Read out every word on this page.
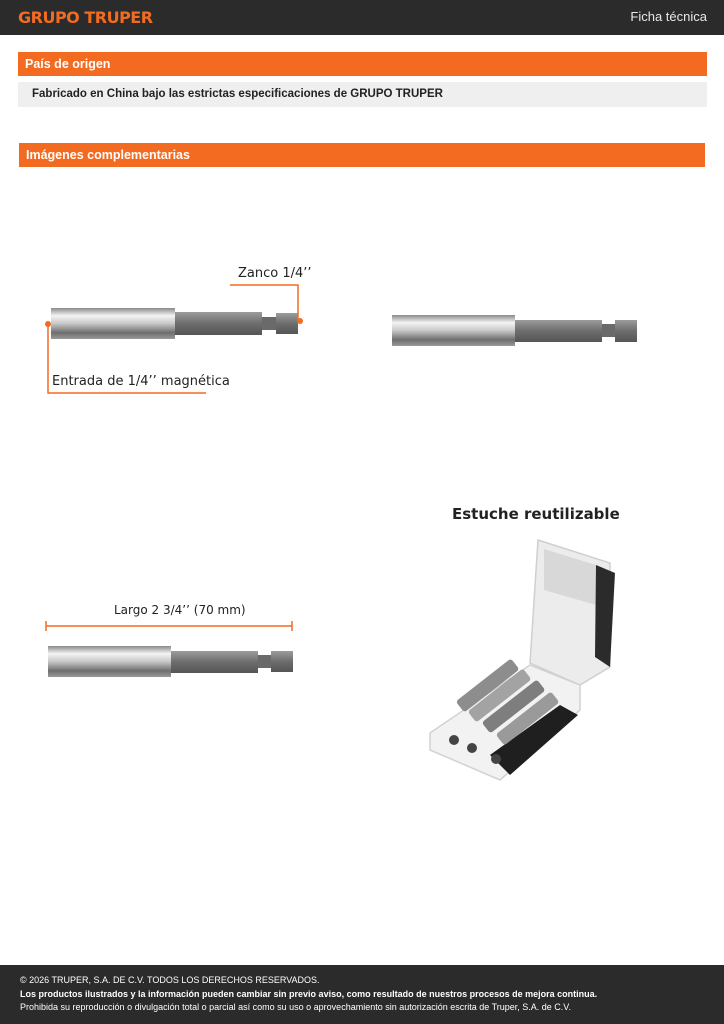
GRUPO TRUPER	Ficha técnica
País de origen
Fabricado en China bajo las estrictas especificaciones de GRUPO TRUPER
Imágenes complementarias
Zanco 1/4’’
Entrada de 1/4’’ magnética
Largo 2 3/4’’ (70 mm)
Estuche reutilizable
© 2026 TRUPER, S.A. DE C.V. TODOS LOS DERECHOS RESERVADOS.
Los productos ilustrados y la información pueden cambiar sin previo aviso, como resultado de nuestros procesos de mejora continua.
Prohibida su reproducción o divulgación total o parcial así como su uso o aprovechamiento sin autorización escrita de Truper, S.A. de C.V.
